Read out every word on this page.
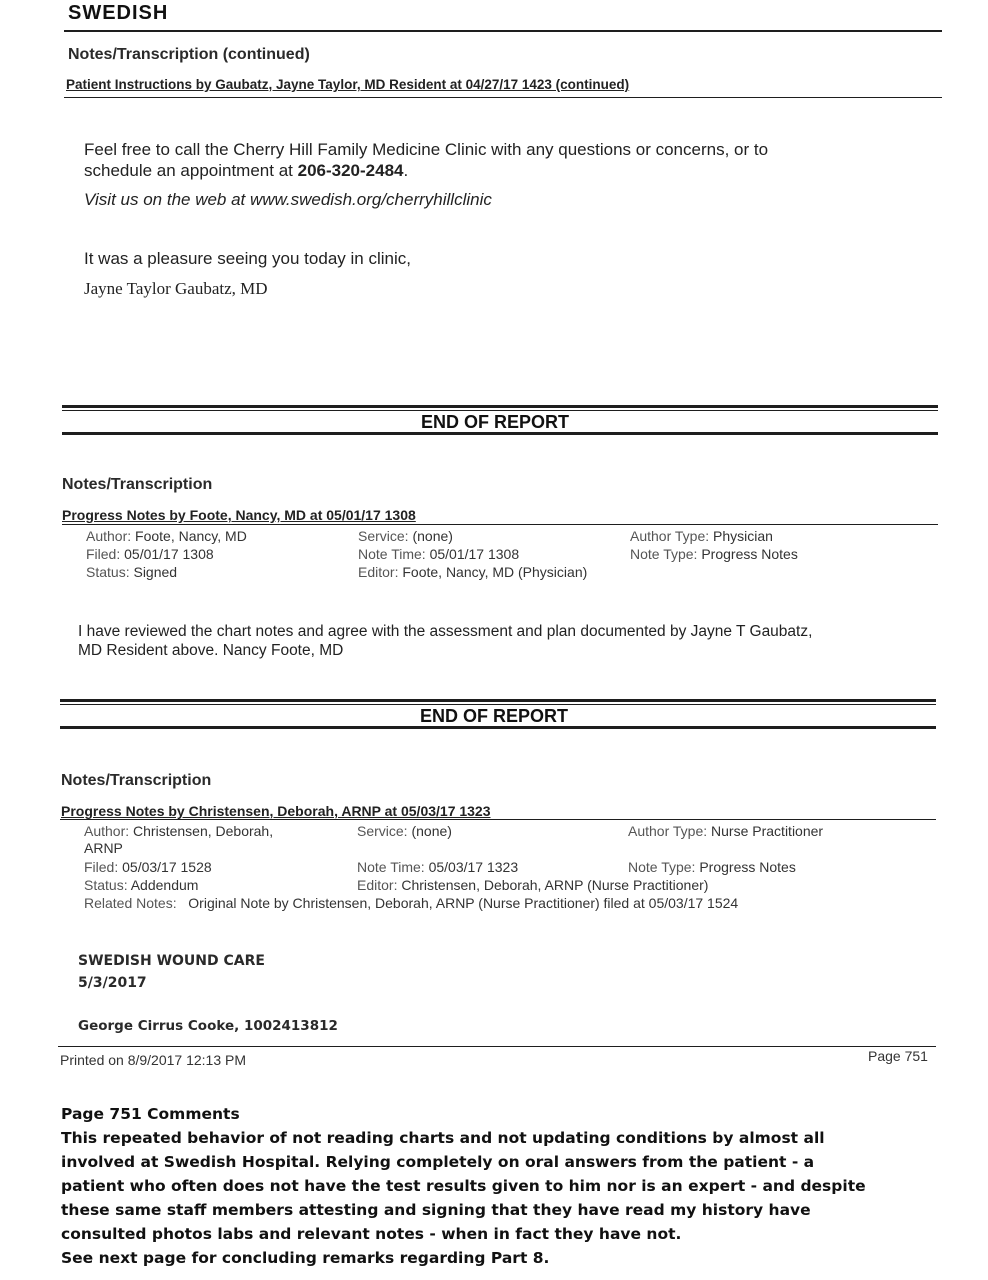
SWEDISH
Notes/Transcription (continued)
Patient Instructions by Gaubatz, Jayne Taylor, MD Resident at 04/27/17 1423 (continued)
Feel free to call the Cherry Hill Family Medicine Clinic with any questions or concerns, or to
schedule an appointment at 206-320-2484.
Visit us on the web at www.swedish.org/cherryhillclinic
It was a pleasure seeing you today in clinic,
Jayne Taylor Gaubatz, MD
END OF REPORT
Notes/Transcription
Progress Notes by Foote, Nancy, MD at 05/01/17 1308
Author: Foote, Nancy, MD	Service: (none)	Author Type: Physician
Filed: 05/01/17 1308	Note Time: 05/01/17 1308	Note Type: Progress Notes
Status: Signed	Editor: Foote, Nancy, MD (Physician)
I have reviewed the chart notes and agree with the assessment and plan documented by Jayne T Gaubatz,
MD Resident above. Nancy Foote, MD
END OF REPORT
Notes/Transcription
Progress Notes by Christensen, Deborah, ARNP at 05/03/17 1323
Author: Christensen, Deborah,
ARNP
Service: (none)	Author Type: Nurse Practitioner
Filed: 05/03/17 1528	Note Time: 05/03/17 1323	Note Type: Progress Notes
Status: Addendum	Editor: Christensen, Deborah, ARNP (Nurse Practitioner)
Related Notes: Original Note by Christensen, Deborah, ARNP (Nurse Practitioner) filed at 05/03/17 1524
SWEDISH WOUND CARE
5/3/2017
George Cirrus Cooke, 1002413812
Printed on 8/9/2017 12:13 PM	Page 751
Page 751 Comments
This repeated behavior of not reading charts and not updating conditions by almost all
involved at Swedish Hospital. Relying completely on oral answers from the patient - a
patient who often does not have the test results given to him nor is an expert - and despite
these same staff members attesting and signing that they have read my history have
consulted photos labs and relevant notes - when in fact they have not.
See next page for concluding remarks regarding Part 8.
